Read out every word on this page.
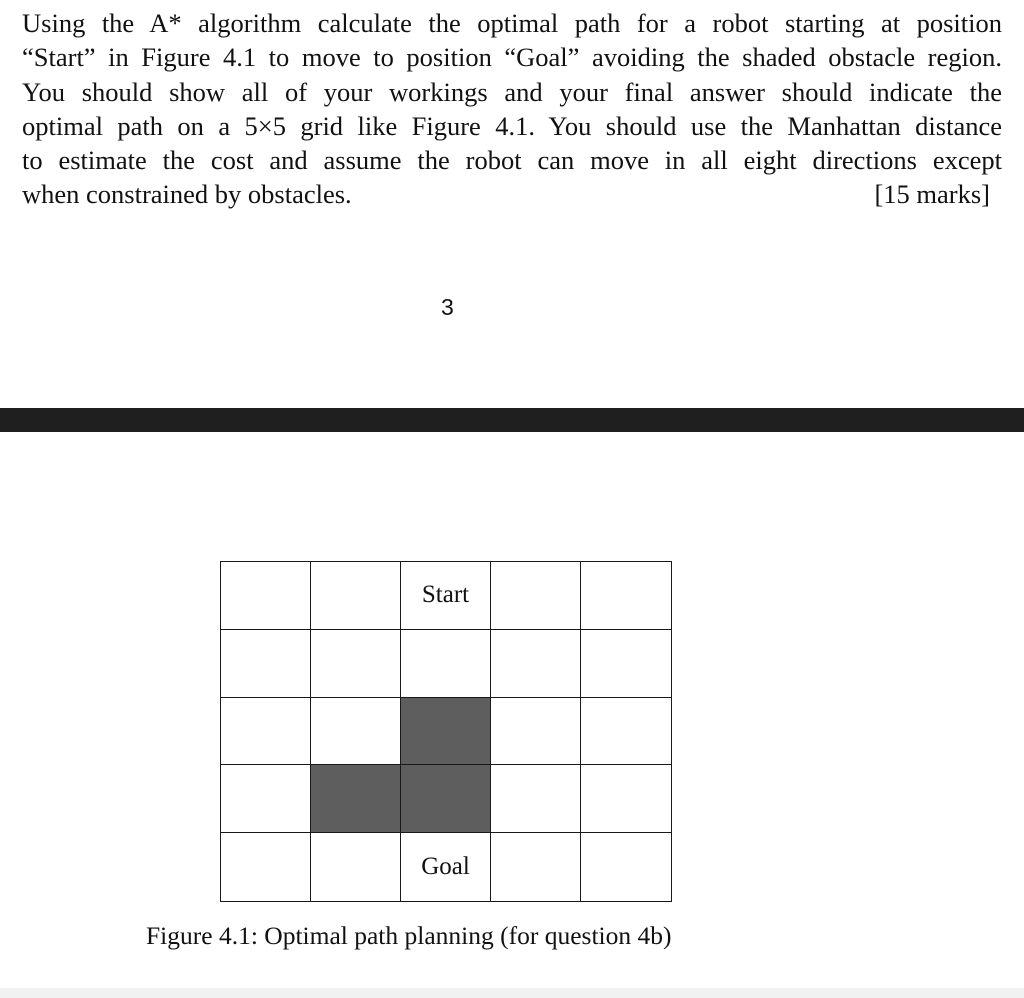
Using the A* algorithm calculate the optimal path for a robot starting at position
“Start” in Figure 4.1 to move to position “Goal” avoiding the shaded obstacle region.
You should show all of your workings and your final answer should indicate the
optimal path on a 5×5 grid like Figure 4.1. You should use the Manhattan distance
to estimate the cost and assume the robot can move in all eight directions except
when constrained by obstacles.	[15 marks]
3
Start
Goal
Figure 4.1: Optimal path planning (for question 4b)
